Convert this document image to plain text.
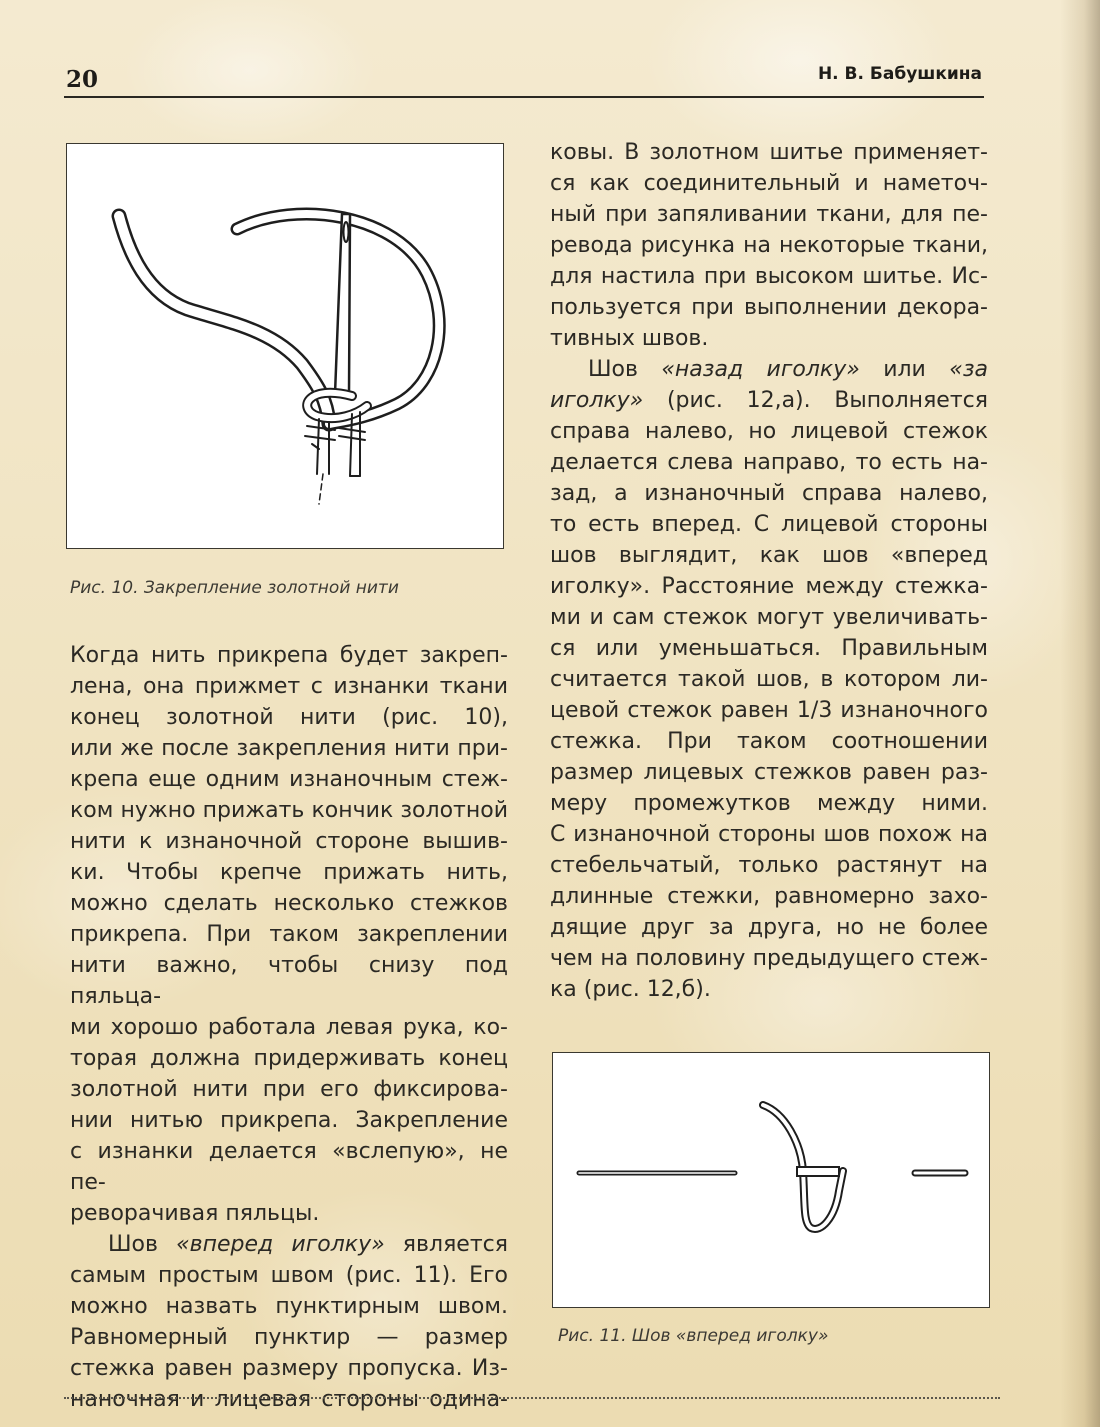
20	Н. В. Бабушкина
Рис. 10. Закрепление золотной нити
Рис. 11. Шов «вперед иголку»

Когда нить прикрепа будет закреп-
лена, она прижмет с изнанки ткани
конец золотной нити (рис. 10),
или же после закрепления нити при-
крепа еще одним изнаночным стеж-
ком нужно прижать кончик золотной
нити к изнаночной стороне вышив-
ки. Чтобы крепче прижать нить,
можно сделать несколько стежков
прикрепа. При таком закреплении
нити важно, чтобы снизу под пяльца-
ми хорошо работала левая рука, ко-
торая должна придерживать конец
золотной нити при его фиксирова-
нии нитью прикрепа. Закрепление
с изнанки делается «вслепую», не пе-
реворачивая пяльцы.

Шов «вперед иголку» является
самым простым швом (рис. 11). Его
можно назвать пунктирным швом.
Равномерный пунктир — размер
стежка равен размеру пропуска. Из-
наночная и лицевая стороны одина-

ковы. В золотном шитье применяет-
ся как соединительный и наметоч-
ный при запяливании ткани, для пе-
ревода рисунка на некоторые ткани,
для настила при высоком шитье. Ис-
пользуется при выполнении декора-
тивных швов.

Шов «назад иголку» или «за
иголку» (рис. 12,а). Выполняется
справа налево, но лицевой стежок
делается слева направо, то есть на-
зад, а изнаночный справа налево,
то есть вперед. С лицевой стороны
шов выглядит, как шов «вперед
иголку». Расстояние между стежка-
ми и сам стежок могут увеличивать-
ся или уменьшаться. Правильным
считается такой шов, в котором ли-
цевой стежок равен 1/3 изнаночного
стежка. При таком соотношении
размер лицевых стежков равен раз-
меру промежутков между ними.
С изнаночной стороны шов похож на
стебельчатый, только растянут на
длинные стежки, равномерно захо-
дящие друг за друга, но не более
чем на половину предыдущего стеж-
ка (рис. 12,б).
